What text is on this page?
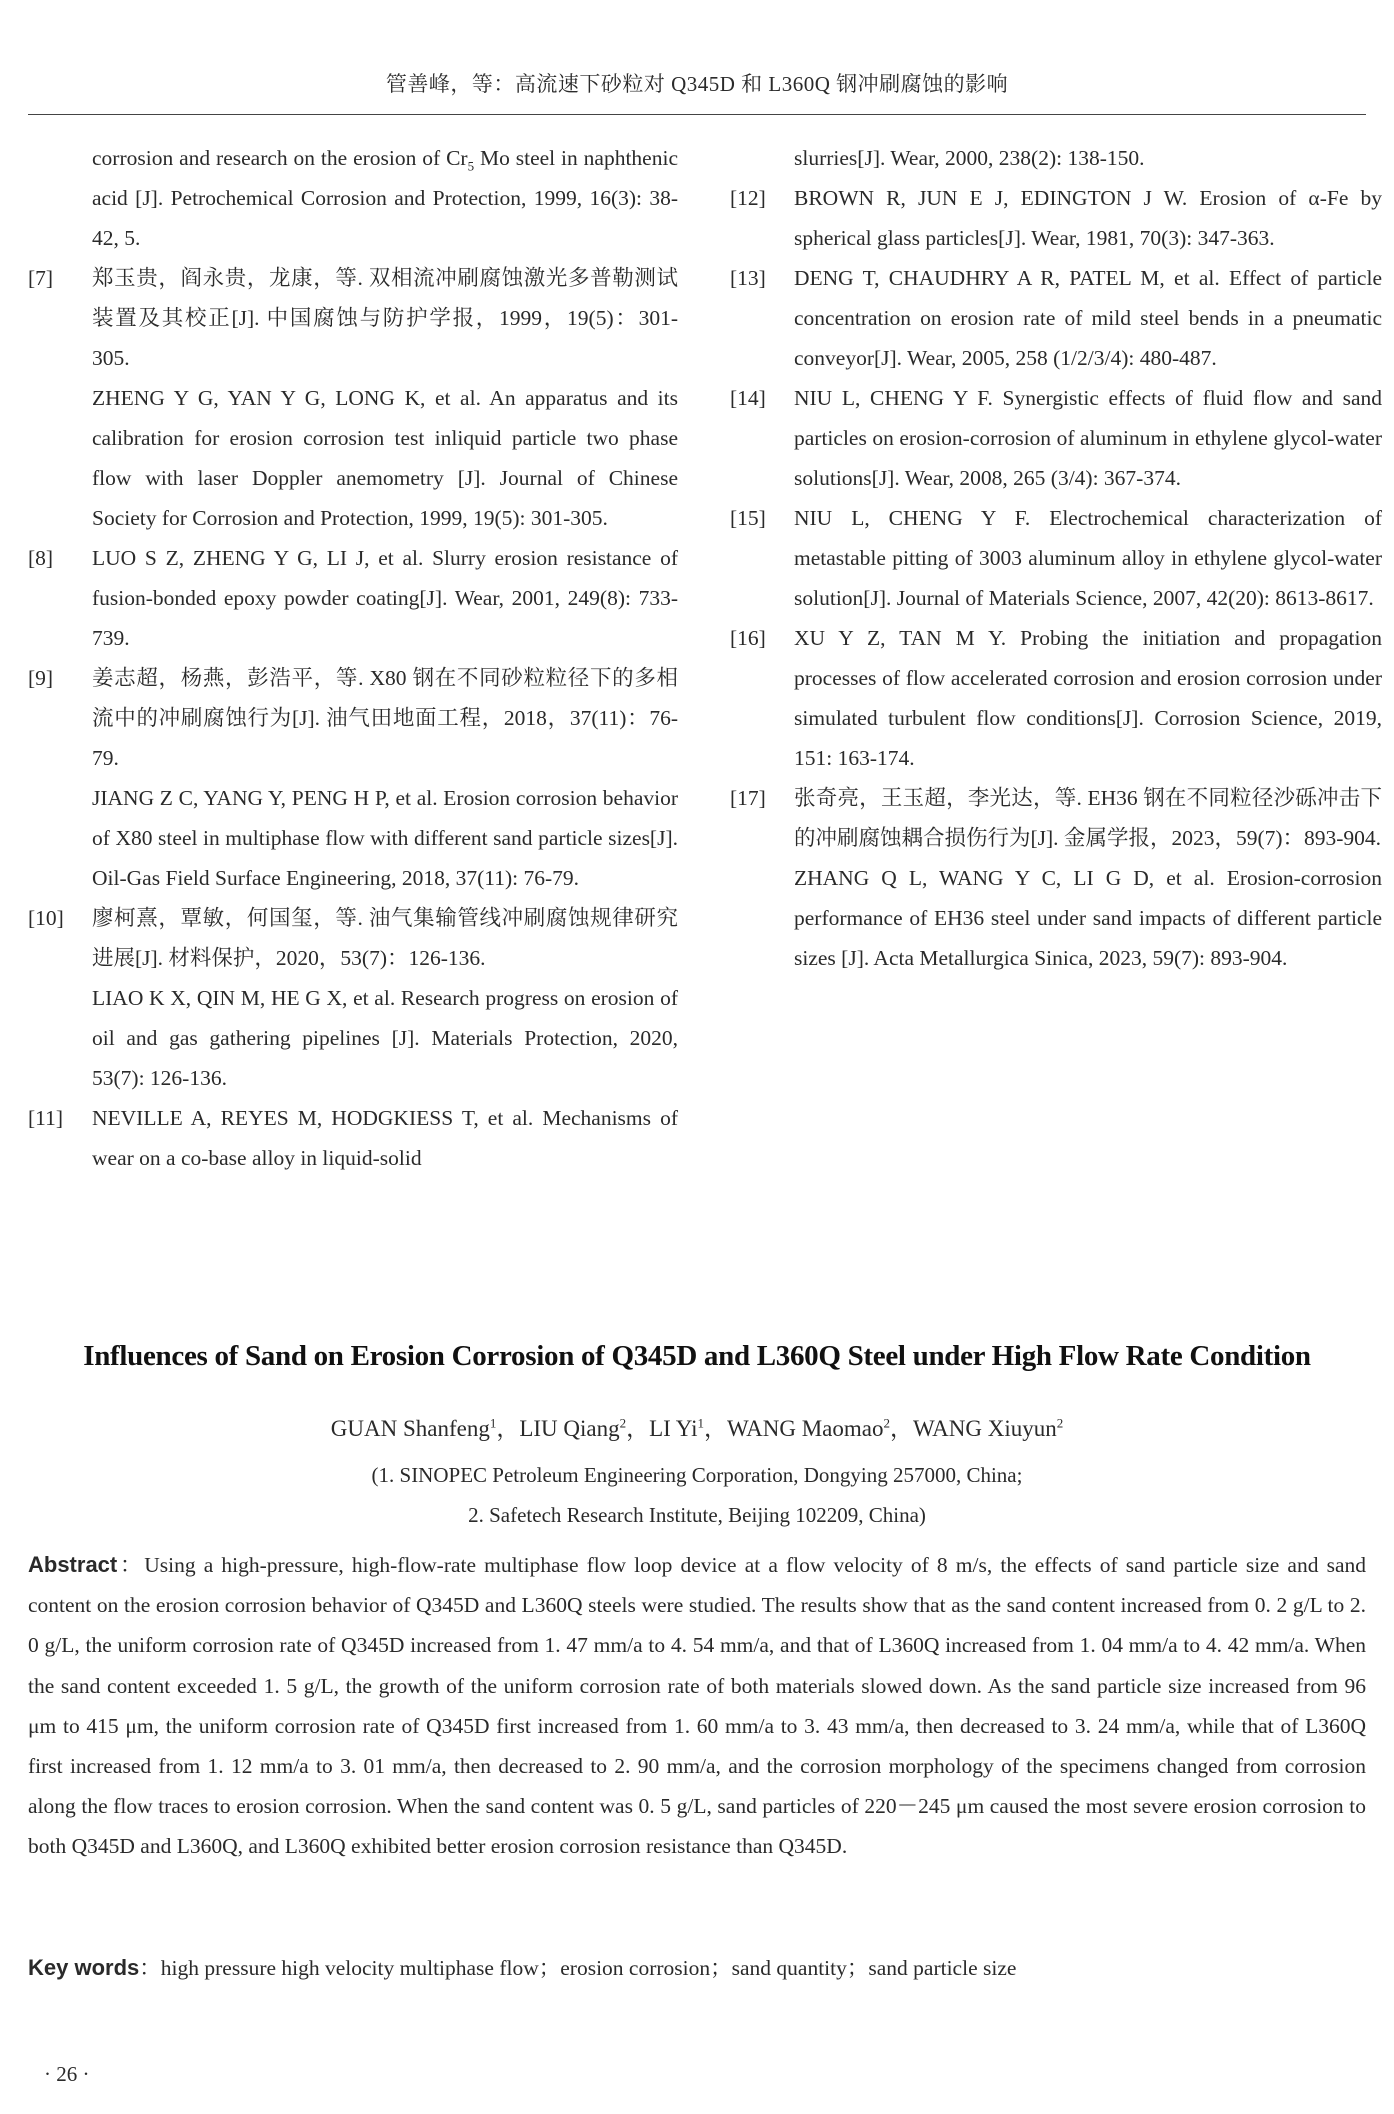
管善峰，等：高流速下砂粒对 Q345D 和 L360Q 钢冲刷腐蚀的影响
corrosion and research on the erosion of $Cr_5$ Mo steel in naphthenic acid [J]. Petrochemical Corrosion and Protection, 1999, 16(3): 38-42, 5.
[7] 郑玉贵，阎永贵，龙康，等. 双相流冲刷腐蚀激光多普勒测试装置及其校正[J]. 中国腐蚀与防护学报，1999，19(5)：301-305.
ZHENG Y G, YAN Y G, LONG K, et al. An apparatus and its calibration for erosion corrosion test inliquid particle two phase flow with laser Doppler anemometry [J]. Journal of Chinese Society for Corrosion and Protection, 1999, 19(5): 301-305.
[8] LUO S Z, ZHENG Y G, LI J, et al. Slurry erosion resistance of fusion-bonded epoxy powder coating[J]. Wear, 2001, 249(8): 733-739.
[9] 姜志超，杨燕，彭浩平，等. X80 钢在不同砂粒粒径下的多相流中的冲刷腐蚀行为[J]. 油气田地面工程，2018，37(11)：76-79.
JIANG Z C, YANG Y, PENG H P, et al. Erosion corrosion behavior of X80 steel in multiphase flow with different sand particle sizes[J]. Oil-Gas Field Surface Engineering, 2018, 37(11): 76-79.
[10] 廖柯熹，覃敏，何国玺，等. 油气集输管线冲刷腐蚀规律研究进展[J]. 材料保护，2020，53(7)：126-136.
LIAO K X, QIN M, HE G X, et al. Research progress on erosion of oil and gas gathering pipelines [J]. Materials Protection, 2020, 53(7): 126-136.
[11] NEVILLE A, REYES M, HODGKIESS T, et al. Mechanisms of wear on a co-base alloy in liquid-solid
slurries[J]. Wear, 2000, 238(2): 138-150.
[12] BROWN R, JUN E J, EDINGTON J W. Erosion of α-Fe by spherical glass particles[J]. Wear, 1981, 70(3): 347-363.
[13] DENG T, CHAUDHRY A R, PATEL M, et al. Effect of particle concentration on erosion rate of mild steel bends in a pneumatic conveyor[J]. Wear, 2005, 258 (1/2/3/4): 480-487.
[14] NIU L, CHENG Y F. Synergistic effects of fluid flow and sand particles on erosion-corrosion of aluminum in ethylene glycol-water solutions[J]. Wear, 2008, 265 (3/4): 367-374.
[15] NIU L, CHENG Y F. Electrochemical characterization of metastable pitting of 3003 aluminum alloy in ethylene glycol-water solution[J]. Journal of Materials Science, 2007, 42(20): 8613-8617.
[16] XU Y Z, TAN M Y. Probing the initiation and propagation processes of flow accelerated corrosion and erosion corrosion under simulated turbulent flow conditions[J]. Corrosion Science, 2019, 151: 163-174.
[17] 张奇亮，王玉超，李光达，等. EH36 钢在不同粒径沙砾冲击下的冲刷腐蚀耦合损伤行为[J]. 金属学报，2023，59(7)：893-904.
ZHANG Q L, WANG Y C, LI G D, et al. Erosion-corrosion performance of EH36 steel under sand impacts of different particle sizes [J]. Acta Metallurgica Sinica, 2023, 59(7): 893-904.
Influences of Sand on Erosion Corrosion of Q345D and L360Q Steel under High Flow Rate Condition
GUAN Shanfeng$^1$，LIU Qiang$^2$，LI Yi$^1$，WANG Maomao$^2$，WANG Xiuyun$^2$
(1. SINOPEC Petroleum Engineering Corporation, Dongying 257000, China;
2. Safetech Research Institute, Beijing 102209, China)
Abstract：Using a high-pressure, high-flow-rate multiphase flow loop device at a flow velocity of 8 m/s, the effects of sand particle size and sand content on the erosion corrosion behavior of Q345D and L360Q steels were studied. The results show that as the sand content increased from 0. 2 g/L to 2. 0 g/L, the uniform corrosion rate of Q345D increased from 1. 47 mm/a to 4. 54 mm/a, and that of L360Q increased from 1. 04 mm/a to 4. 42 mm/a. When the sand content exceeded 1. 5 g/L, the growth of the uniform corrosion rate of both materials slowed down. As the sand particle size increased from 96 μm to 415 μm, the uniform corrosion rate of Q345D first increased from 1. 60 mm/a to 3. 43 mm/a, then decreased to 3. 24 mm/a, while that of L360Q first increased from 1. 12 mm/a to 3. 01 mm/a, then decreased to 2. 90 mm/a, and the corrosion morphology of the specimens changed from corrosion along the flow traces to erosion corrosion. When the sand content was 0. 5 g/L, sand particles of 220－245 μm caused the most severe erosion corrosion to both Q345D and L360Q, and L360Q exhibited better erosion corrosion resistance than Q345D.
Key words：high pressure high velocity multiphase flow；erosion corrosion；sand quantity；sand particle size
· 26 ·
